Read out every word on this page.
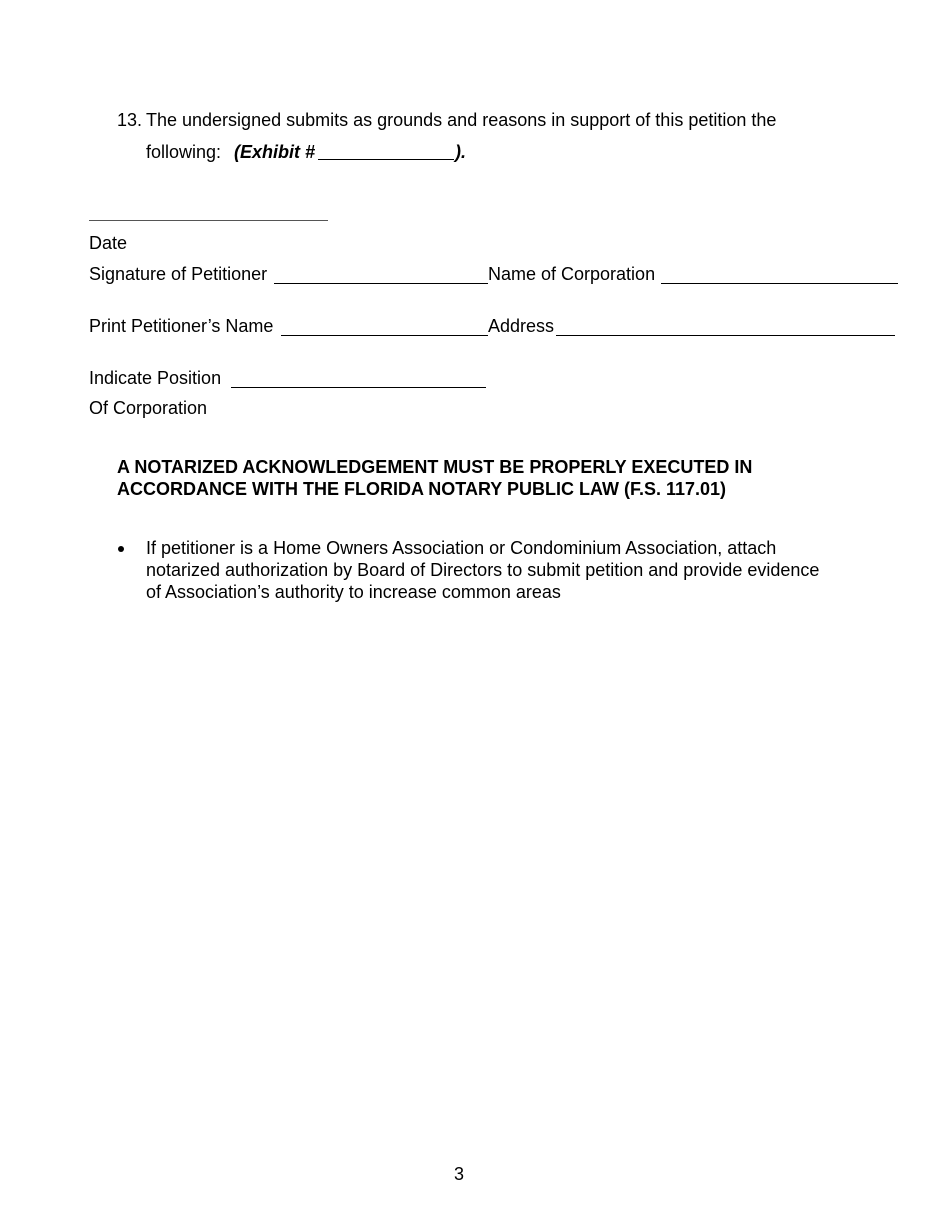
13. The undersigned submits as grounds and reasons in support of this petition the
following: (Exhibit #	).
Date
Signature of Petitioner	Name of Corporation
Print Petitioner’s Name	Address
Indicate Position
Of Corporation
A NOTARIZED ACKNOWLEDGEMENT MUST BE PROPERLY EXECUTED IN
ACCORDANCE WITH THE FLORIDA NOTARY PUBLIC LAW (F.S. 117.01)
If petitioner is a Home Owners Association or Condominium Association, attach
notarized authorization by Board of Directors to submit petition and provide evidence
of Association’s authority to increase common areas
3
